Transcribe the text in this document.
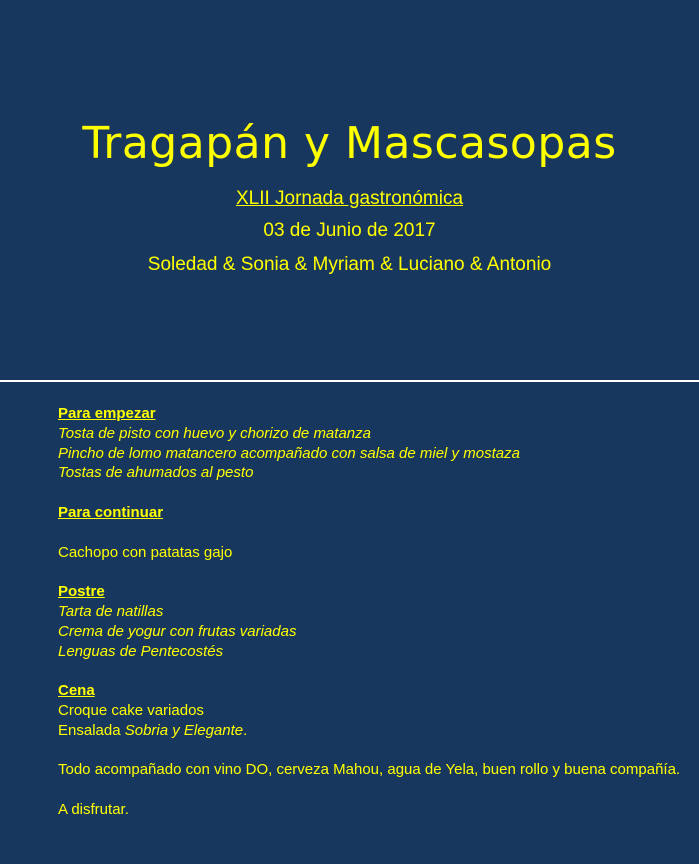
Tragapán y Mascasopas
XLII Jornada gastronómica
03 de Junio de 2017
Soledad & Sonia & Myriam & Luciano & Antonio
Para empezar
Tosta de pisto con huevo y chorizo de matanza
Pincho de lomo matancero acompañado con salsa de miel y mostaza
Tostas de ahumados al pesto
Para continuar
Cachopo con patatas gajo
Postre
Tarta de natillas
Crema de yogur con frutas variadas
Lenguas de Pentecostés
Cena
Croque cake variados
Ensalada Sobria y Elegante.
Todo acompañado con vino DO, cerveza Mahou, agua de Yela, buen rollo y buena compañía.
A disfrutar.
